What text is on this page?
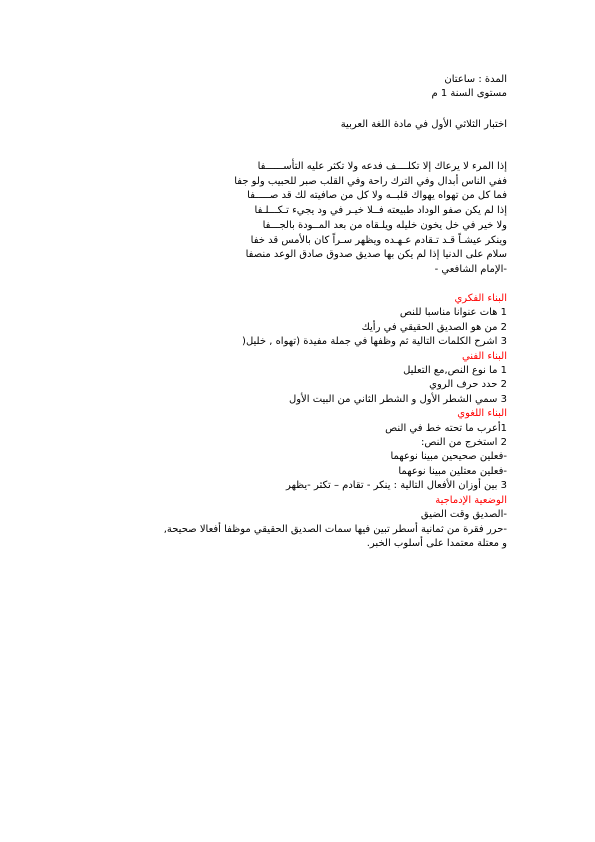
المدة : ساعتان
مستوى السنة 1 م
اختبار الثلاثي الأول في مادة اللغة العربية
إذا المرء لا يرعاك إلا تكلــــف فدعه ولا تكثر عليه التأســــــفا
ففي الناس أبدال وفي الترك راحة وفي القلب صبر للحبيب ولو جفا
فما كل من تهواه يهواك قلبــه ولا كل من صافيته لك قد صـــــفا
إذا لم يكن صفو الوداد طبيعته فــلا خيـر في ود يجيء تـكـــلـفا
ولا خير في خل يخون خليله ويلـقاه من بعد المــودة بالجـــفا
وينكر عيشـاً قـد تـقادم عـهـده ويظهر سـراً كان بالأمس قد خفا
سلام على الدنيا إذا لم يكن بها صديق صدوق صادق الوعد منصفا
-الإمام الشافعي -
البناء الفكري
1 هات عنوانا مناسبا للنص
2 من هو الصديق الحقيقي في رأيك
3 اشرح الكلمات التالية ثم وظفها في جملة مفيدة (تهواه , خليل(
البناء الفني
1 ما نوع النص,مع التعليل
2 حدد حرف الروي
3 سمي الشطر الأول و الشطر الثاني من البيت الأول
البناء اللغوي
1أعرب ما تحته خط في النص
2 استخرج من النص:
-فعلين صحيحين مبينا نوعهما
-فعلين معتلين مبينا نوعهما
3 بين أوزان الأفعال التالية : ينكر - تقادم – تكثر -يظهر
الوضعية الإدماجية
-الصديق وقت الضيق
-حرر فقرة من ثمانية أسطر تبين فيها سمات الصديق الحقيقي موظفا أفعالا صحيحة,
و معتلة معتمدا على أسلوب الخبر.
